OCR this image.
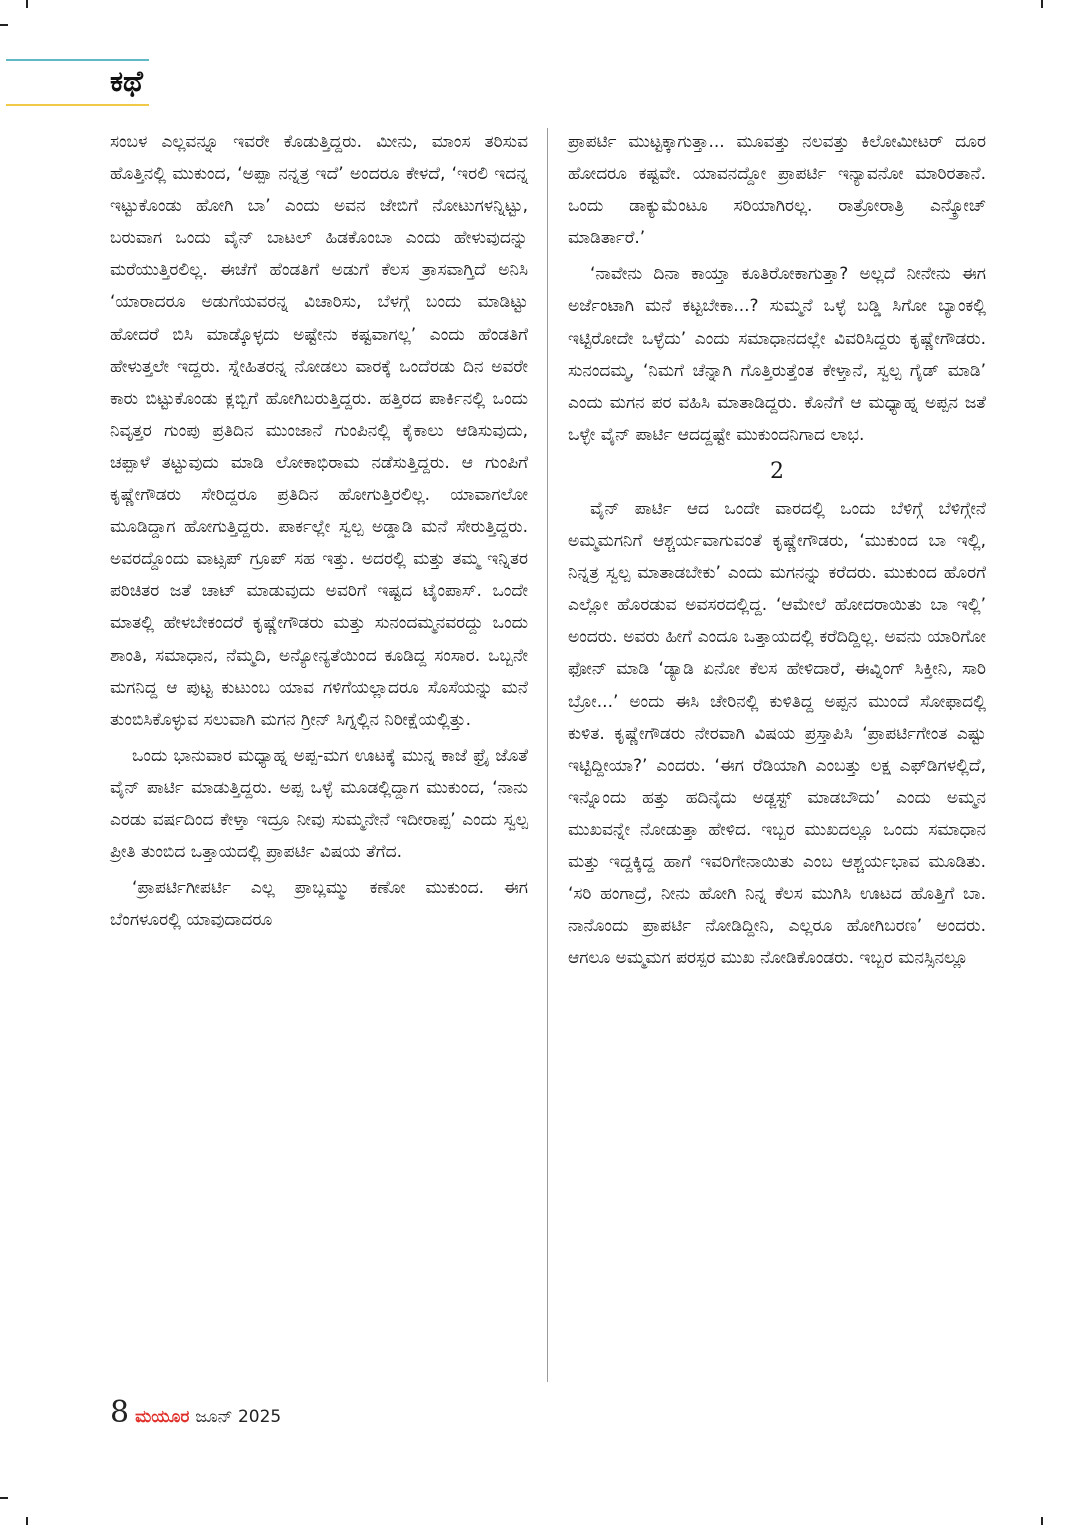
ಕಥೆ

ಸಂಬಳ ಎಲ್ಲವನ್ನೂ ಇವರೇ ಕೊಡುತ್ತಿದ್ದರು. ಮೀನು, ಮಾಂಸ ತರಿಸುವ ಹೊತ್ತಿನಲ್ಲಿ ಮುಕುಂದ, ‘ಅಪ್ಪಾ ನನ್ನತ್ರ ಇದೆ’ ಅಂದರೂ ಕೇಳದೆ, ‘ಇರಲಿ ಇದನ್ನ ಇಟ್ಟುಕೊಂಡು ಹೋಗಿ ಬಾ’ ಎಂದು ಅವನ ಜೇಬಿಗೆ ನೋಟುಗಳನ್ನಿಟ್ಟು, ಬರುವಾಗ ಒಂದು ವೈನ್ ಬಾಟಲ್ ಹಿಡಕೊಂಬಾ ಎಂದು ಹೇಳುವುದನ್ನು ಮರೆಯುತ್ತಿರಲಿಲ್ಲ. ಈಚೆಗೆ ಹೆಂಡತಿಗೆ ಅಡುಗೆ ಕೆಲಸ ತ್ರಾಸವಾಗ್ತಿದೆ ಅನಿಸಿ ‘ಯಾರಾದರೂ ಅಡುಗೆಯವರನ್ನ ವಿಚಾರಿಸು, ಬೆಳಗ್ಗೆ ಬಂದು ಮಾಡಿಟ್ಟು ಹೋದರೆ ಬಿಸಿ ಮಾಡ್ಕೊಳ್ಳದು ಅಷ್ಟೇನು ಕಷ್ಟವಾಗಲ್ಲ’ ಎಂದು ಹೆಂಡತಿಗೆ ಹೇಳುತ್ತಲೇ ಇದ್ದರು. ಸ್ನೇಹಿತರನ್ನ ನೋಡಲು ವಾರಕ್ಕೆ ಒಂದೆರಡು ದಿನ ಅವರೇ ಕಾರು ಬಿಟ್ಟುಕೊಂಡು ಕ್ಲಬ್ಬಿಗೆ ಹೋಗಿಬರುತ್ತಿದ್ದರು. ಹತ್ತಿರದ ಪಾರ್ಕಿನಲ್ಲಿ ಒಂದು ನಿವೃತ್ತರ ಗುಂಪು ಪ್ರತಿದಿನ ಮುಂಜಾನೆ ಗುಂಪಿನಲ್ಲಿ ಕೈಕಾಲು ಆಡಿಸುವುದು, ಚಪ್ಪಾಳೆ ತಟ್ಟುವುದು ಮಾಡಿ ಲೋಕಾಭಿರಾಮ ನಡೆಸುತ್ತಿದ್ದರು. ಆ ಗುಂಪಿಗೆ ಕೃಷ್ಣೇಗೌಡರು ಸೇರಿದ್ದರೂ ಪ್ರತಿದಿನ ಹೋಗುತ್ತಿರಲಿಲ್ಲ. ಯಾವಾಗಲೋ ಮೂಡಿದ್ದಾಗ ಹೋಗುತ್ತಿದ್ದರು. ಪಾರ್ಕಲ್ಲೇ ಸ್ವಲ್ಪ ಅಡ್ಡಾಡಿ ಮನೆ ಸೇರುತ್ತಿದ್ದರು. ಅವರದ್ದೊಂದು ವಾಟ್ಸಪ್ ಗ್ರೂಪ್ ಸಹ ಇತ್ತು. ಅದರಲ್ಲಿ ಮತ್ತು ತಮ್ಮ ಇನ್ನಿತರ ಪರಿಚಿತರ ಜತೆ ಚಾಟ್ ಮಾಡುವುದು ಅವರಿಗೆ ಇಷ್ಟದ ಟೈಂಪಾಸ್. ಒಂದೇ ಮಾತಲ್ಲಿ ಹೇಳಬೇಕಂದರೆ ಕೃಷ್ಣೇಗೌಡರು ಮತ್ತು ಸುನಂದಮ್ಮನವರದ್ದು ಒಂದು ಶಾಂತಿ, ಸಮಾಧಾನ, ನೆಮ್ಮದಿ, ಅನ್ಯೋನ್ಯತೆಯಿಂದ ಕೂಡಿದ್ದ ಸಂಸಾರ. ಒಬ್ಬನೇ ಮಗನಿದ್ದ ಆ ಪುಟ್ಟ ಕುಟುಂಬ ಯಾವ ಗಳಿಗೆಯಲ್ಲಾದರೂ ಸೊಸೆಯನ್ನು ಮನೆ ತುಂಬಿಸಿಕೊಳ್ಳುವ ಸಲುವಾಗಿ ಮಗನ ಗ್ರೀನ್ ಸಿಗ್ನಲ್ಲಿನ ನಿರೀಕ್ಷೆಯಲ್ಲಿತ್ತು.

ಒಂದು ಭಾನುವಾರ ಮಧ್ಯಾಹ್ನ ಅಪ್ಪ-ಮಗ ಊಟಕ್ಕೆ ಮುನ್ನ ಕಾಜೆ ಫ್ರೈ ಜೊತೆ ವೈನ್ ಪಾರ್ಟಿ ಮಾಡುತ್ತಿದ್ದರು. ಅಪ್ಪ ಒಳ್ಳೆ ಮೂಡಲ್ಲಿದ್ದಾಗ ಮುಕುಂದ, ‘ನಾನು ಎರಡು ವರ್ಷದಿಂದ ಕೇಳ್ತಾ ಇದ್ರೂ ನೀವು ಸುಮ್ಮನೇನೆ ಇದೀರಾಪ್ಪ’ ಎಂದು ಸ್ವಲ್ಪ ಪ್ರೀತಿ ತುಂಬಿದ ಒತ್ತಾಯದಲ್ಲಿ ಪ್ರಾಪರ್ಟಿ ವಿಷಯ ತೆಗೆದ.

‘ಪ್ರಾಪರ್ಟಿಗೀಪರ್ಟಿ ಎಲ್ಲ ಪ್ರಾಬ್ಲಮ್ಮು ಕಣೋ ಮುಕುಂದ. ಈಗ ಬೆಂಗಳೂರಲ್ಲಿ ಯಾವುದಾದರೂ

ಪ್ರಾಪರ್ಟಿ ಮುಟ್ಟಕ್ಕಾಗುತ್ತಾ... ಮೂವತ್ತು ನಲವತ್ತು ಕಿಲೋಮೀಟರ್ ದೂರ ಹೋದರೂ ಕಷ್ಟವೇ. ಯಾವನದ್ದೋ ಪ್ರಾಪರ್ಟಿ ಇನ್ಯಾವನೋ ಮಾರಿರತಾನೆ. ಒಂದು ಡಾಕ್ಯುಮೆಂಟೂ ಸರಿಯಾಗಿರಲ್ಲ. ರಾತ್ರೋರಾತ್ರಿ ಎನ್ಕ್ರೋಚ್ ಮಾಡಿರ್ತಾರೆ.’

‘ನಾವೇನು ದಿನಾ ಕಾಯ್ತಾ ಕೂತಿರೋಕಾಗುತ್ತಾ? ಅಲ್ಲದೆ ನೀನೇನು ಈಗ ಅರ್ಜೆಂಟಾಗಿ ಮನೆ ಕಟ್ಟಬೇಕಾ...? ಸುಮ್ಮನೆ ಒಳ್ಳೆ ಬಡ್ಡಿ ಸಿಗೋ ಬ್ಯಾಂಕಲ್ಲಿ ಇಟ್ಟಿರೋದೇ ಒಳ್ಳೆದು’ ಎಂದು ಸಮಾಧಾನದಲ್ಲೇ ವಿವರಿಸಿದ್ದರು ಕೃಷ್ಣೇಗೌಡರು. ಸುನಂದಮ್ಮ, ‘ನಿಮಗೆ ಚೆನ್ನಾಗಿ ಗೊತ್ತಿರುತ್ತೆಂತ ಕೇಳ್ತಾನೆ, ಸ್ವಲ್ಪ ಗೈಡ್ ಮಾಡಿ’ ಎಂದು ಮಗನ ಪರ ವಹಿಸಿ ಮಾತಾಡಿದ್ದರು. ಕೊನೆಗೆ ಆ ಮಧ್ಯಾಹ್ನ ಅಪ್ಪನ ಜತೆ ಒಳ್ಳೇ ವೈನ್ ಪಾರ್ಟಿ ಆದದ್ದಷ್ಟೇ ಮುಕುಂದನಿಗಾದ ಲಾಭ.

2

ವೈನ್ ಪಾರ್ಟಿ ಆದ ಒಂದೇ ವಾರದಲ್ಲಿ ಒಂದು ಬೆಳಿಗ್ಗೆ ಬೆಳಿಗ್ಗೇನೆ ಅಮ್ಮಮಗನಿಗೆ ಆಶ್ಚರ್ಯವಾಗುವಂತೆ ಕೃಷ್ಣೇಗೌಡರು, ‘ಮುಕುಂದ ಬಾ ಇಲ್ಲಿ, ನಿನ್ನತ್ರ ಸ್ವಲ್ಪ ಮಾತಾಡಬೇಕು’ ಎಂದು ಮಗನನ್ನು ಕರೆದರು. ಮುಕುಂದ ಹೊರಗೆ ಎಲ್ಲೋ ಹೊರಡುವ ಅವಸರದಲ್ಲಿದ್ದ. ‘ಆಮೇಲೆ ಹೋದರಾಯಿತು ಬಾ ಇಲ್ಲಿ’ ಅಂದರು. ಅವರು ಹೀಗೆ ಎಂದೂ ಒತ್ತಾಯದಲ್ಲಿ ಕರೆದಿದ್ದಿಲ್ಲ. ಅವನು ಯಾರಿಗೋ ಫೋನ್ ಮಾಡಿ ‘ಡ್ಯಾಡಿ ಏನೋ ಕೆಲಸ ಹೇಳಿದಾರೆ, ಈವ್ನಿಂಗ್ ಸಿಕ್ತೀನಿ, ಸಾರಿ ಬ್ರೋ...’ ಅಂದು ಈಸಿ ಚೇರಿನಲ್ಲಿ ಕುಳಿತಿದ್ದ ಅಪ್ಪನ ಮುಂದೆ ಸೋಫಾದಲ್ಲಿ ಕುಳಿತ. ಕೃಷ್ಣೇಗೌಡರು ನೇರವಾಗಿ ವಿಷಯ ಪ್ರಸ್ತಾಪಿಸಿ ‘ಪ್ರಾಪರ್ಟಿಗೇಂತ ಎಷ್ಟು ಇಟ್ಟಿದ್ದೀಯಾ?’ ಎಂದರು. ‘ಈಗ ರೆಡಿಯಾಗಿ ಎಂಬತ್ತು ಲಕ್ಷ ಎಫ್‌ಡಿಗಳಲ್ಲಿದೆ, ಇನ್ನೊಂದು ಹತ್ತು ಹದಿನೈದು ಅಡ್ಜಸ್ಟ್ ಮಾಡಬೌದು’ ಎಂದು ಅಮ್ಮನ ಮುಖವನ್ನೇ ನೋಡುತ್ತಾ ಹೇಳಿದ. ಇಬ್ಬರ ಮುಖದಲ್ಲೂ ಒಂದು ಸಮಾಧಾನ ಮತ್ತು ಇದ್ದಕ್ಕಿದ್ದ ಹಾಗೆ ಇವರಿಗೇನಾಯಿತು ಎಂಬ ಆಶ್ಚರ್ಯಭಾವ ಮೂಡಿತು. ‘ಸರಿ ಹಂಗಾದ್ರೆ, ನೀನು ಹೋಗಿ ನಿನ್ನ ಕೆಲಸ ಮುಗಿಸಿ ಊಟದ ಹೊತ್ತಿಗೆ ಬಾ. ನಾನೊಂದು ಪ್ರಾಪರ್ಟಿ ನೋಡಿದ್ದೀನಿ, ಎಲ್ಲರೂ ಹೋಗಿಬರಣ’ ಅಂದರು. ಆಗಲೂ ಅಮ್ಮಮಗ ಪರಸ್ಪರ ಮುಖ ನೋಡಿಕೊಂಡರು. ಇಬ್ಬರ ಮನಸ್ಸಿನಲ್ಲೂ

8 ಮಯೂರ ಜೂನ್ 2025
